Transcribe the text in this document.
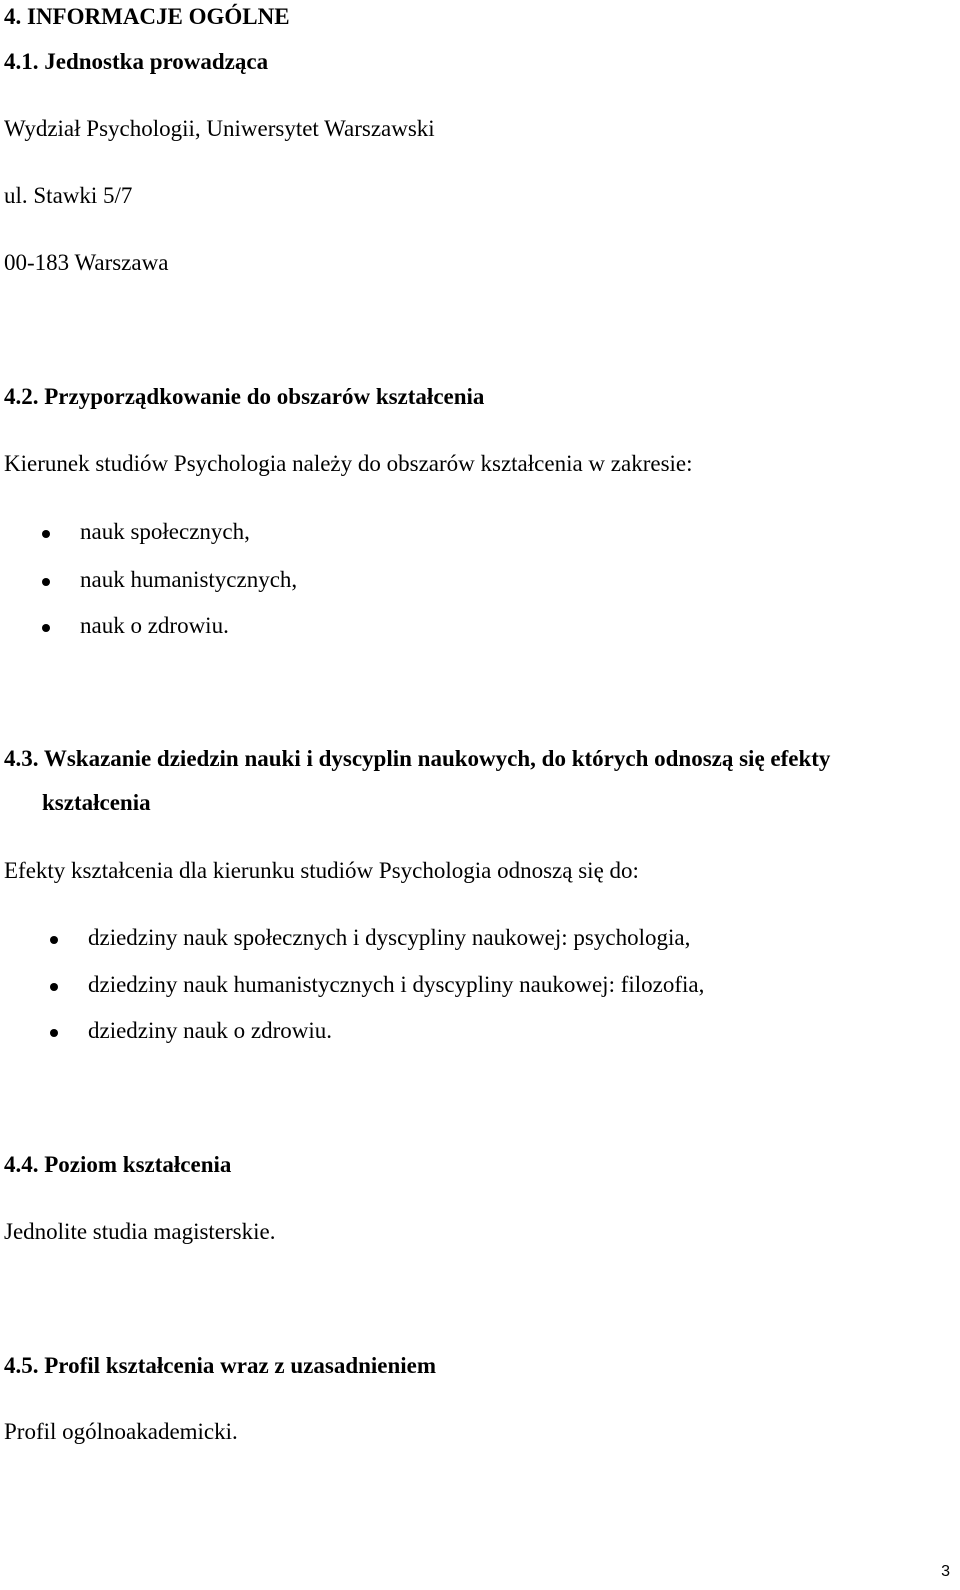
4. INFORMACJE OGÓLNE
4.1. Jednostka prowadząca
Wydział Psychologii, Uniwersytet Warszawski
ul. Stawki 5/7
00-183 Warszawa
4.2. Przyporządkowanie do obszarów kształcenia
Kierunek studiów Psychologia należy do obszarów kształcenia w zakresie:
nauk społecznych,
nauk humanistycznych,
nauk o zdrowiu.
4.3. Wskazanie dziedzin nauki i dyscyplin naukowych, do których odnoszą się efekty
kształcenia
Efekty kształcenia dla kierunku studiów Psychologia odnoszą się do:
dziedziny nauk społecznych i dyscypliny naukowej: psychologia,
dziedziny nauk humanistycznych i dyscypliny naukowej: filozofia,
dziedziny nauk o zdrowiu.
4.4. Poziom kształcenia
Jednolite studia magisterskie.
4.5. Profil kształcenia wraz z uzasadnieniem
Profil ogólnoakademicki.
3
